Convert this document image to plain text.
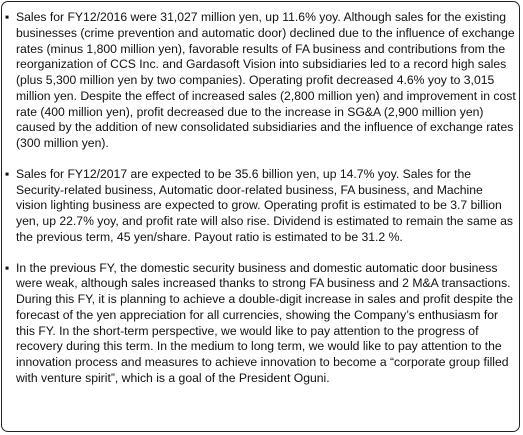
▪ Sales for FY12/2016 were 31,027 million yen, up 11.6% yoy. Although sales for the existing businesses (crime prevention and automatic door) declined due to the influence of exchange rates (minus 1,800 million yen), favorable results of FA business and contributions from the reorganization of CCS Inc. and Gardasoft Vision into subsidiaries led to a record high sales (plus 5,300 million yen by two companies). Operating profit decreased 4.6% yoy to 3,015 million yen. Despite the effect of increased sales (2,800 million yen) and improvement in cost rate (400 million yen), profit decreased due to the increase in SG&A (2,900 million yen) caused by the addition of new consolidated subsidiaries and the influence of exchange rates (300 million yen).
▪ Sales for FY12/2017 are expected to be 35.6 billion yen, up 14.7% yoy. Sales for the Security-related business, Automatic door-related business, FA business, and Machine vision lighting business are expected to grow. Operating profit is estimated to be 3.7 billion yen, up 22.7% yoy, and profit rate will also rise. Dividend is estimated to remain the same as the previous term, 45 yen/share. Payout ratio is estimated to be 31.2 %.
▪ In the previous FY, the domestic security business and domestic automatic door business were weak, although sales increased thanks to strong FA business and 2 M&A transactions. During this FY, it is planning to achieve a double-digit increase in sales and profit despite the forecast of the yen appreciation for all currencies, showing the Company’s enthusiasm for this FY. In the short-term perspective, we would like to pay attention to the progress of recovery during this term. In the medium to long term, we would like to pay attention to the innovation process and measures to achieve innovation to become a “corporate group filled with venture spirit”, which is a goal of the President Oguni.
